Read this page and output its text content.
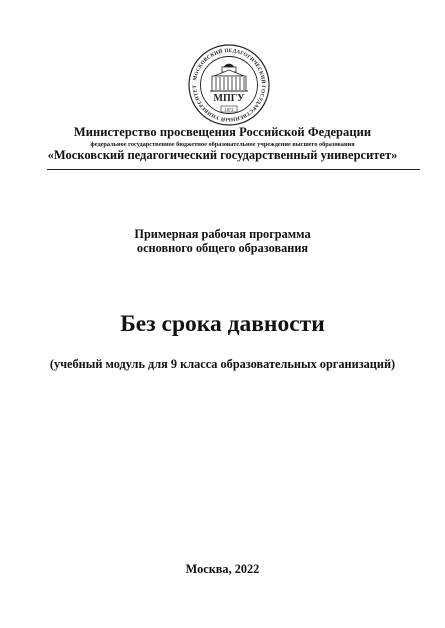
МОСКОВСКИЙ ПЕДАГОГИЧЕСКИЙ ГОСУДАРСТВЕННЫЙ УНИВЕРСИТЕТ
МПГУ
1872
Министерство просвещения Российской Федерации
федеральное государственное бюджетное образовательное учреждение высшего образования
«Московский педагогический государственный университет»
Примерная рабочая программа
основного общего образования
Без срока давности
(учебный модуль для 9 класса образовательных организаций)
Москва, 2022
